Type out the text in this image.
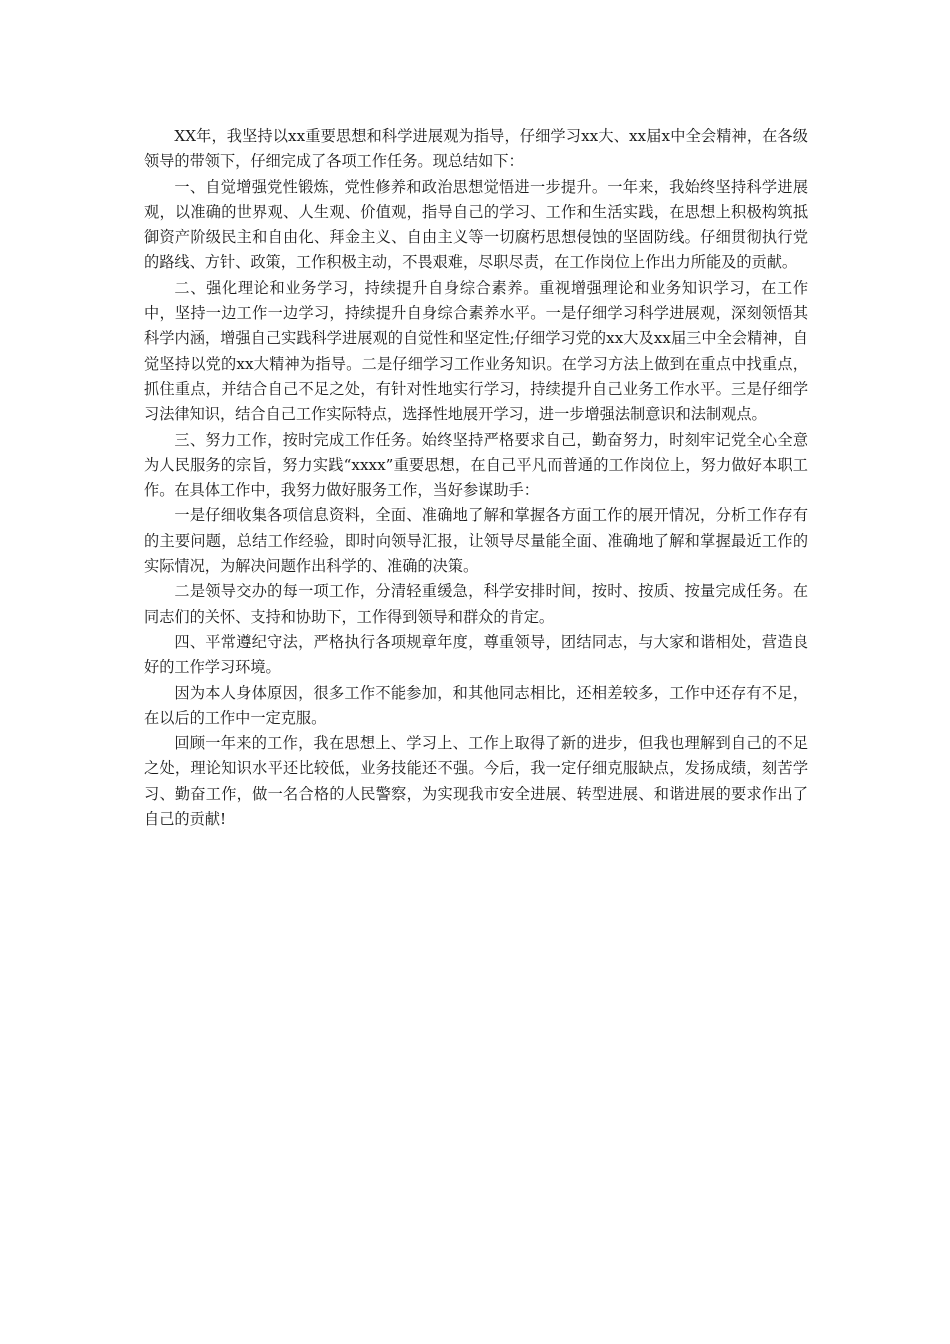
XX年，我坚持以xx重要思想和科学进展观为指导，仔细学习xx大、xx届x中全会精神，在各级领导的带领下，仔细完成了各项工作任务。现总结如下：

一、自觉增强党性锻炼，党性修养和政治思想觉悟进一步提升。一年来，我始终坚持科学进展观，以准确的世界观、人生观、价值观，指导自己的学习、工作和生活实践，在思想上积极构筑抵御资产阶级民主和自由化、拜金主义、自由主义等一切腐朽思想侵蚀的坚固防线。仔细贯彻执行党的路线、方针、政策，工作积极主动，不畏艰难，尽职尽责，在工作岗位上作出力所能及的贡献。

二、强化理论和业务学习，持续提升自身综合素养。重视增强理论和业务知识学习，在工作中，坚持一边工作一边学习，持续提升自身综合素养水平。一是仔细学习科学进展观，深刻领悟其科学内涵，增强自己实践科学进展观的自觉性和坚定性;仔细学习党的xx大及xx届三中全会精神，自觉坚持以党的xx大精神为指导。二是仔细学习工作业务知识。在学习方法上做到在重点中找重点，抓住重点，并结合自己不足之处，有针对性地实行学习，持续提升自己业务工作水平。三是仔细学习法律知识，结合自己工作实际特点，选择性地展开学习，进一步增强法制意识和法制观点。

三、努力工作，按时完成工作任务。始终坚持严格要求自己，勤奋努力，时刻牢记党全心全意为人民服务的宗旨，努力实践“xxxx”重要思想，在自己平凡而普通的工作岗位上，努力做好本职工作。在具体工作中，我努力做好服务工作，当好参谋助手：

一是仔细收集各项信息资料，全面、准确地了解和掌握各方面工作的展开情况，分析工作存有的主要问题，总结工作经验，即时向领导汇报，让领导尽量能全面、准确地了解和掌握最近工作的实际情况，为解决问题作出科学的、准确的决策。

二是领导交办的每一项工作，分清轻重缓急，科学安排时间，按时、按质、按量完成任务。在同志们的关怀、支持和协助下，工作得到领导和群众的肯定。

四、平常遵纪守法，严格执行各项规章年度，尊重领导，团结同志，与大家和谐相处，营造良好的工作学习环境。

因为本人身体原因，很多工作不能参加，和其他同志相比，还相差较多，工作中还存有不足，在以后的工作中一定克服。

回顾一年来的工作，我在思想上、学习上、工作上取得了新的进步，但我也理解到自己的不足之处，理论知识水平还比较低，业务技能还不强。今后，我一定仔细克服缺点，发扬成绩，刻苦学习、勤奋工作，做一名合格的人民警察，为实现我市安全进展、转型进展、和谐进展的要求作出了自己的贡献!
